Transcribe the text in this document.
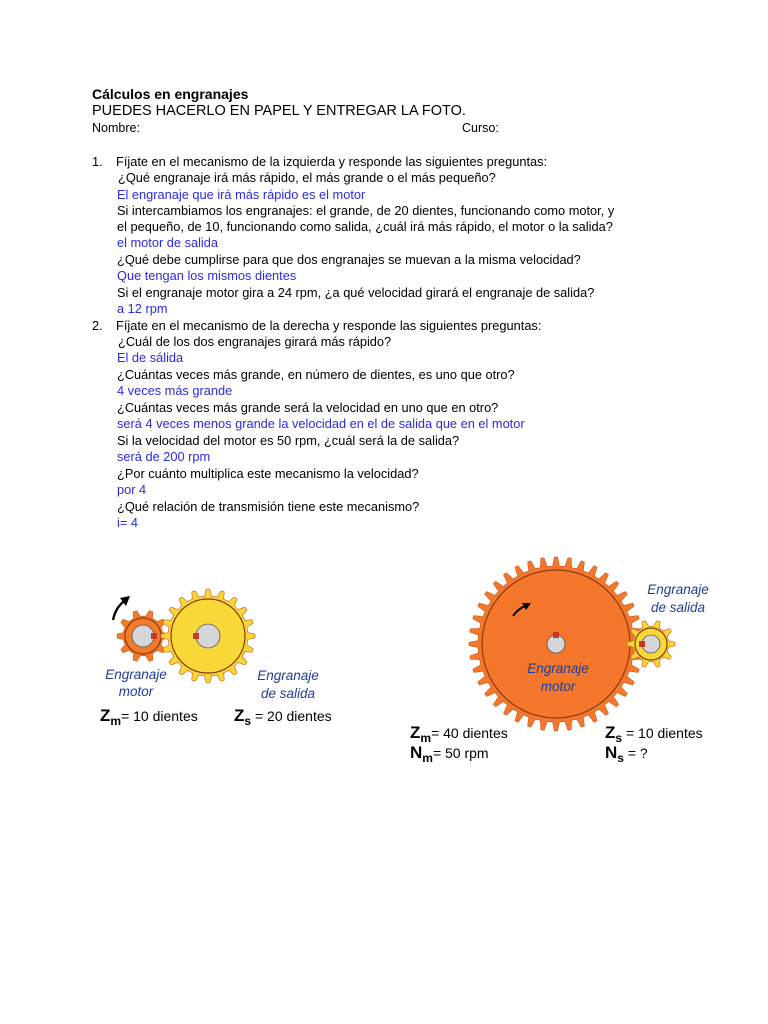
Cálculos en engranajes
PUEDES HACERLO EN PAPEL Y ENTREGAR LA FOTO.
Nombre:	Curso:
1. Fíjate en el mecanismo de la izquierda y responde las siguientes preguntas:
¿Qué engranaje irá más rápido, el más grande o el más pequeño?
El engranaje que irá más rápido es el motor
Si intercambiamos los engranajes: el grande, de 20 dientes, funcionando como motor, y
el pequeño, de 10, funcionando como salida, ¿cuál irá más rápido, el motor o la salida?
el motor de salida
¿Qué debe cumplirse para que dos engranajes se muevan a la misma velocidad?
Que tengan los mismos dientes
Si el engranaje motor gira a 24 rpm, ¿a qué velocidad girará el engranaje de salida?
a 12 rpm
2. Fíjate en el mecanismo de la derecha y responde las siguientes preguntas:
¿Cuál de los dos engranajes girará más rápido?
El de sálida
¿Cuántas veces más grande, en número de dientes, es uno que otro?
4 veces más grande
¿Cuántas veces más grande será la velocidad en uno que en otro?
será 4 veces menos grande la velocidad en el de salida que en el motor
Si la velocidad del motor es 50 rpm, ¿cuál será la de salida?
será de 200 rpm
¿Por cuánto multiplica este mecanismo la velocidad?
por 4
¿Qué relación de transmisión tiene este mecanismo?
i= 4
Engranaje
motor
Engranaje
de salida
$Z_m= 10$ dientes $Z_s = 20$ dientes
Engranaje
motor
Engranaje
de salida
$Z_m= 40$ dientes
$N_m= 50$ rpm
$Z_s = 10$ dientes
$N_s$ = ?
